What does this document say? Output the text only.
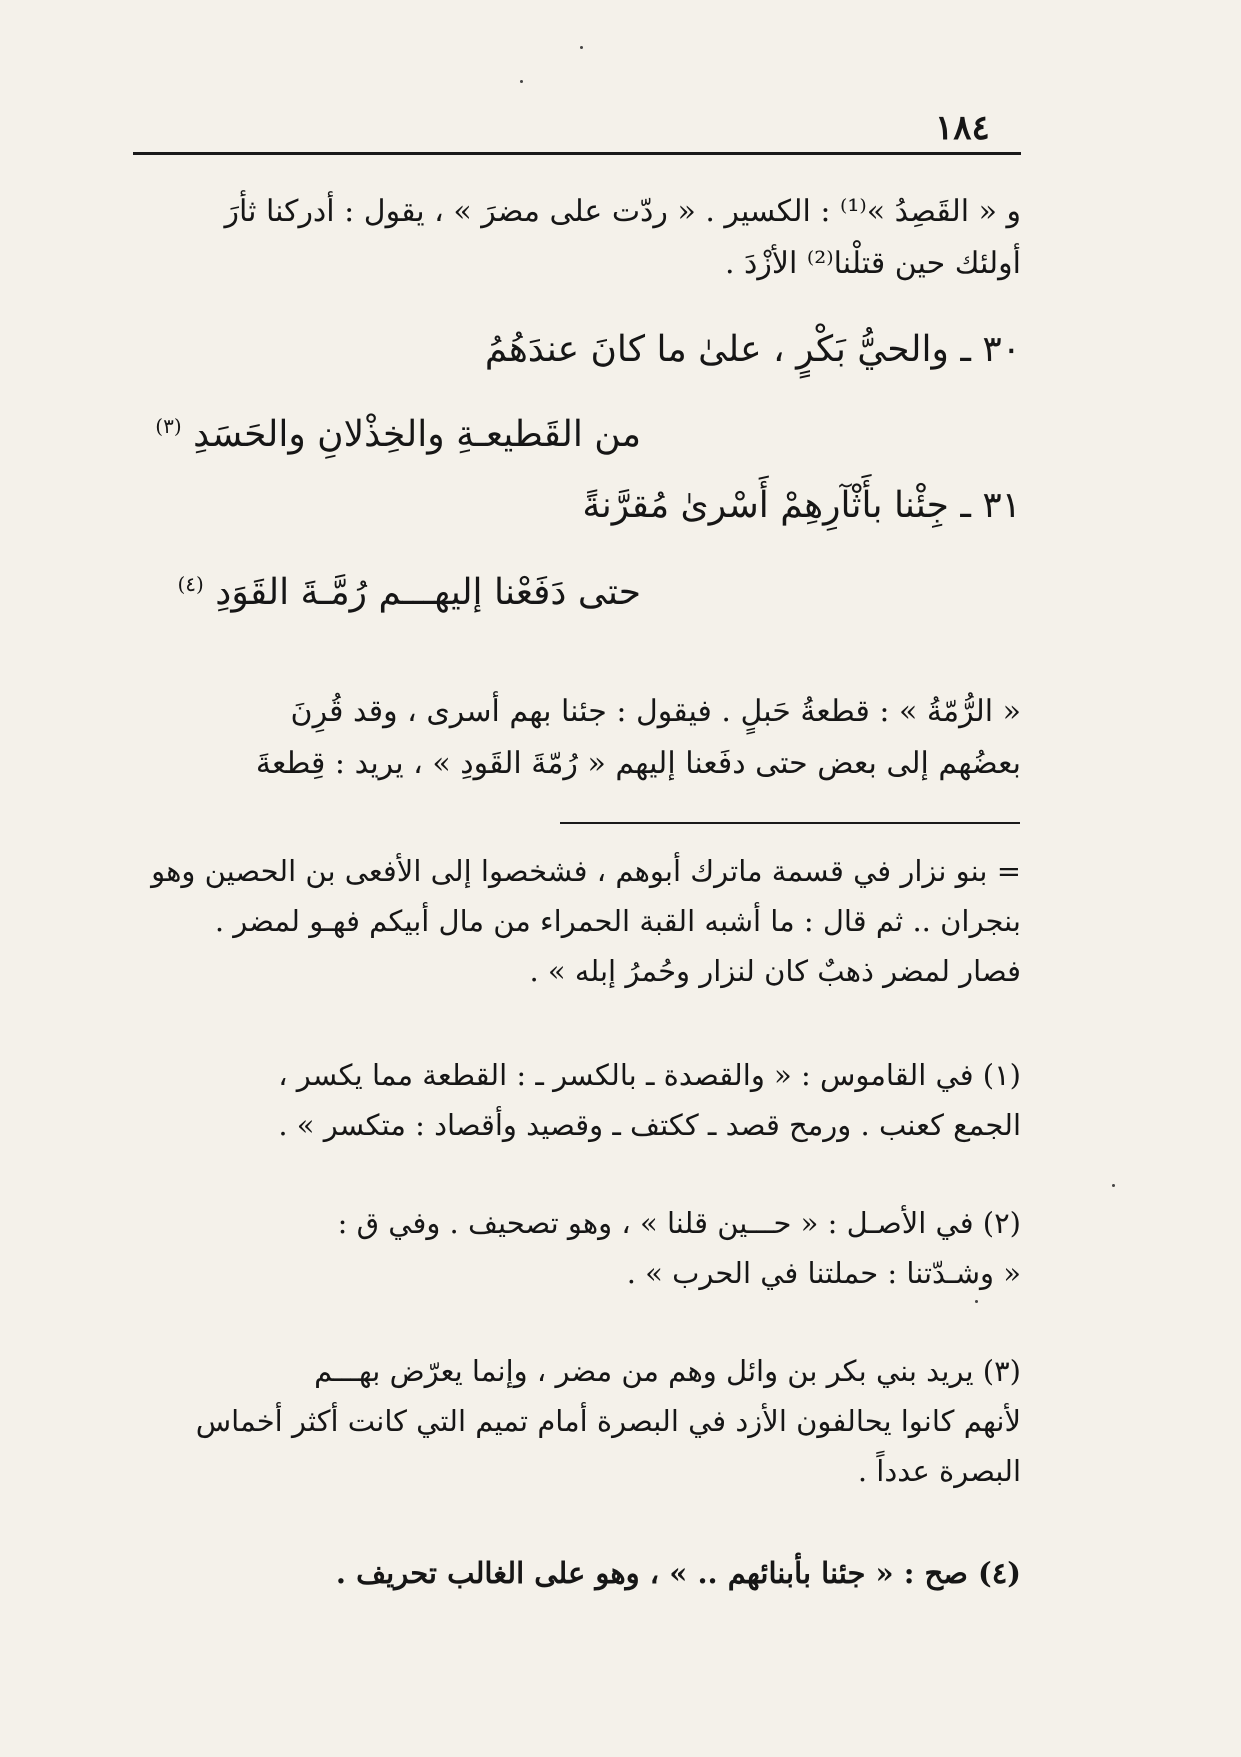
١٨٤

و « القَصِدُ »⁽¹⁾ : الكسير . « ردّت على مضرَ » ، يقول : أدركنا ثأرَ

أولئك حين قتلْنا⁽²⁾ الأزْدَ .

٣٠ ـ والحيُّ بَكْرٍ ، علىٰ ما كانَ عندَهُمُ
من القَطيعـةِ والخِذْلانِ والحَسَدِ $^{(٣)}$
٣١ ـ جِئْنا بأَثْآرِهِمْ أَسْرىٰ مُقرَّنةً
حتى دَفَعْنا إليهـــم رُمَّـةَ القَوَدِ $^{(٤)}$

« الرُّمّةُ » : قطعةُ حَبلٍ . فيقول : جئنا بهم أسرى ، وقد قُرِنَ

بعضُهم إلى بعض حتى دفَعنا إليهم « رُمّةَ القَودِ » ، يريد : قِطعةَ

= بنو نزار في قسمة ماترك أبوهم ، فشخصوا إلى الأفعى بن الحصين وهو

بنجران .. ثم قال : ما أشبه القبة الحمراء من مال أبيكم فهـو لمضر .

فصار لمضر ذهبٌ كان لنزار وحُمرُ إبله » .

(١) في القاموس : « والقصدة ـ بالكسر ـ : القطعة مما يكسر ،

الجمع كعنب . ورمح قصد ـ ككتف ـ وقصيد وأقصاد : متكسر » .

(٢) في الأصـل : « حـــين قلنا » ، وهو تصحيف . وفي ق :

« وشـدّتنا : حملتنا في الحرب » .

(٣) يريد بني بكر بن وائل وهم من مضر ، وإنما يعرّض بهـــم

لأنهم كانوا يحالفون الأزد في البصرة أمام تميم التي كانت أكثر أخماس

البصرة عدداً .

(٤) صح : « جئنا بأبنائهم .. » ، وهو على الغالب تحريف .
